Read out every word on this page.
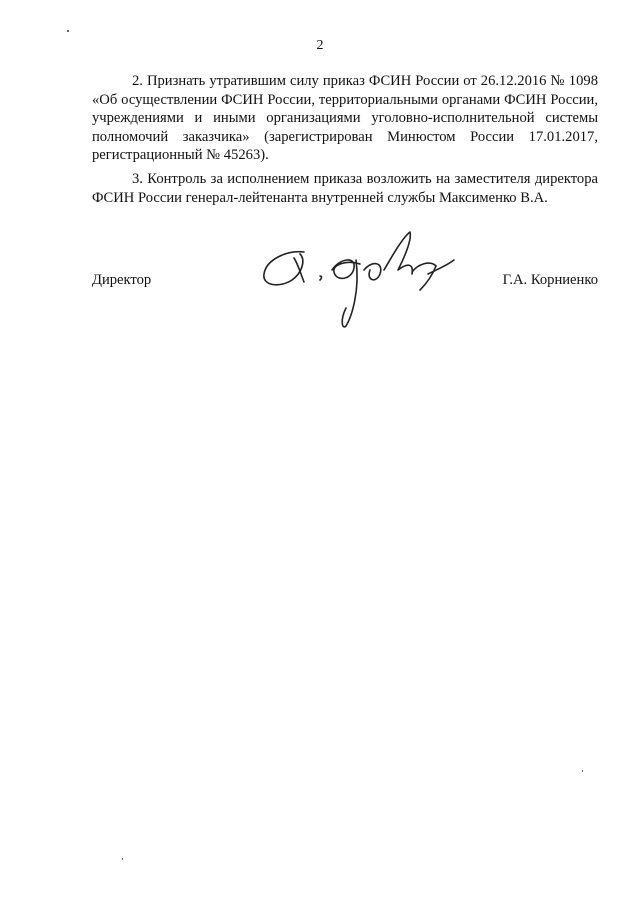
2

2. Признать утратившим силу приказ ФСИН России от 26.12.2016 № 1098 «Об осуществлении ФСИН России, территориальными органами ФСИН России, учреждениями и иными организациями уголовно-исполнительной системы полномочий заказчика» (зарегистрирован Минюстом России 17.01.2017, регистрационный № 45263).

3. Контроль за исполнением приказа возложить на заместителя директора ФСИН России генерал-лейтенанта внутренней службы Максименко В.А.

Директор	Г.А. Корниенко
